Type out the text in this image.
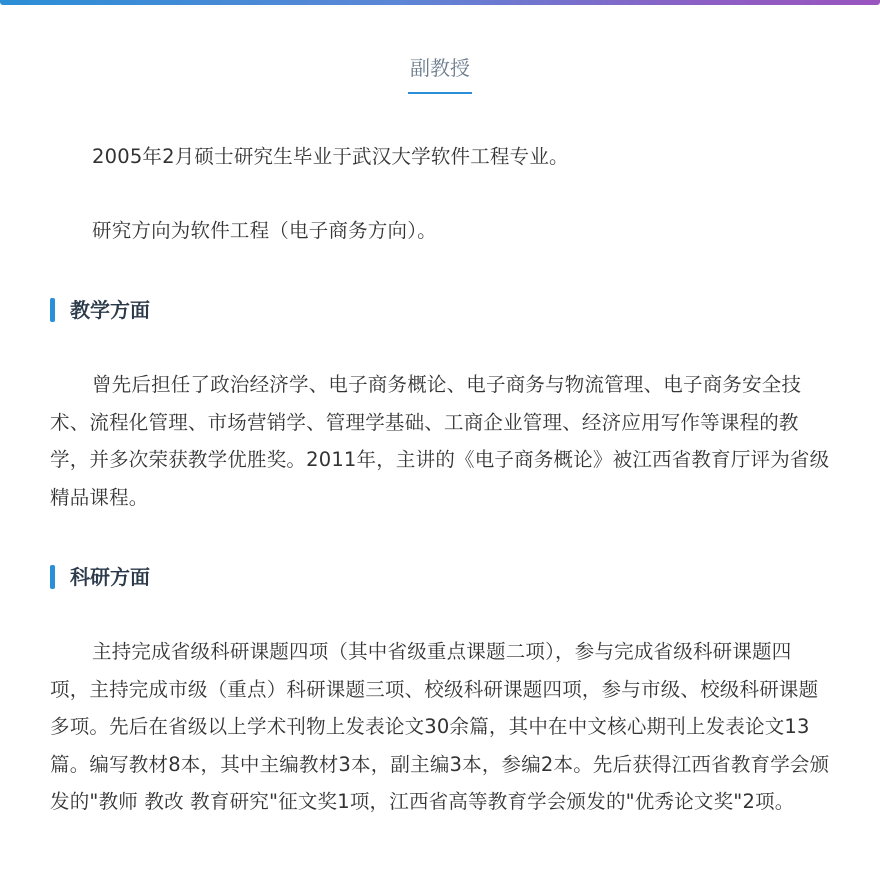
副教授

2005年2月硕士研究生毕业于武汉大学软件工程专业。

研究方向为软件工程（电子商务方向）。

教学方面

曾先后担任了政治经济学、电子商务概论、电子商务与物流管理、电子商务安全技术、流程化管理、市场营销学、管理学基础、工商企业管理、经济应用写作等课程的教学，并多次荣获教学优胜奖。2011年，主讲的《电子商务概论》被江西省教育厅评为省级精品课程。

科研方面

主持完成省级科研课题四项（其中省级重点课题二项），参与完成省级科研课题四项，主持完成市级（重点）科研课题三项、校级科研课题四项，参与市级、校级科研课题多项。先后在省级以上学术刊物上发表论文30余篇，其中在中文核心期刊上发表论文13篇。编写教材8本，其中主编教材3本，副主编3本，参编2本。先后获得江西省教育学会颁发的"教师 教改 教育研究"征文奖1项，江西省高等教育学会颁发的"优秀论文奖"2项。
